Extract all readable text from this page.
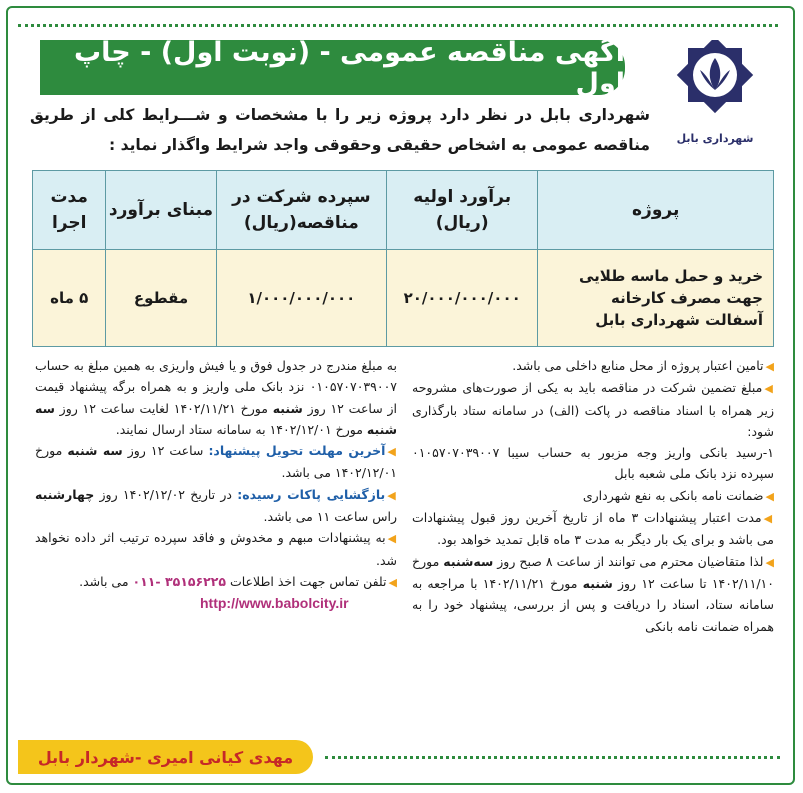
آگهی مناقصه عمومی - (نوبت اول) - چاپ اول
شهرداری بابل
شهرداری بابل در نظر دارد پروژه زیر را با مشخصات و شـــرایط کلی از طریق مناقصه عمومی به اشخاص حقیقی وحقوقی واجد شرایط واگذار نماید :
پروژه	برآورد اولیه (ریال)	سپرده شرکت در مناقصه(ریال)	مبنای برآورد	مدت اجرا
خرید و حمل ماسه طلایی جهت مصرف کارخانه آسفالت شهرداری بابل	۲۰/۰۰۰/۰۰۰/۰۰۰	۱/۰۰۰/۰۰۰/۰۰۰	مقطوع	۵ ماه

◀تامین اعتبار پروژه از محل منابع داخلی می باشد.

◀مبلغ تضمین شرکت در مناقصه باید به یکی از صورت‌های مشروحه زیر همراه با اسناد مناقصه در پاکت (الف) در سامانه ستاد بارگذاری شود:

۱-رسید بانکی واریز وجه مزبور به حساب سیبا ۰۱۰۵۷۰۷۰۳۹۰۰۷ سپرده نزد بانک ملی شعبه بابل

◀ضمانت نامه بانکی به نفع شهرداری

◀مدت اعتبار پیشنهادات ۳ ماه از تاریخ آخرین روز قبول پیشنهادات می باشد و برای یک بار دیگر به مدت ۳ ماه قابل تمدید خواهد بود.

◀لذا متقاضیان محترم می توانند از ساعت ۸ صبح روز سه‌شنبه مورخ ۱۴۰۲/۱۱/۱۰ تا ساعت ۱۲ روز شنبه مورخ ۱۴۰۲/۱۱/۲۱ با مراجعه به سامانه ستاد، اسناد را دریافت و پس از بررسی، پیشنهاد خود را به همراه ضمانت نامه بانکی

به مبلغ مندرج در جدول فوق و یا فیش واریزی به همین مبلغ به حساب ۰۱۰۵۷۰۷۰۳۹۰۰۷ نزد بانک ملی واریز و به همراه برگه پیشنهاد قیمت از ساعت ۱۲ روز شنبه مورخ ۱۴۰۲/۱۱/۲۱ لغایت ساعت ۱۲ روز سه شنبه مورخ ۱۴۰۲/۱۲/۰۱ به سامانه ستاد ارسال نمایند.

◀آخرین مهلت تحویل پیشنهاد: ساعت ۱۲ روز سه شنبه مورخ ۱۴۰۲/۱۲/۰۱ می باشد.

◀بازگشایی پاکات رسیده: در تاریخ ۱۴۰۲/۱۲/۰۲ روز چهارشنبه راس ساعت ۱۱ می باشد.

◀به پیشنهادات مبهم و مخدوش و فاقد سپرده ترتیب اثر داده نخواهد شد.

◀تلفن تماس جهت اخذ اطلاعات ۳۵۱۵۶۲۲۵ -۰۱۱ می باشد.

http://www.babolcity.ir

مهدی کیانی امیری -شهردار بابل
